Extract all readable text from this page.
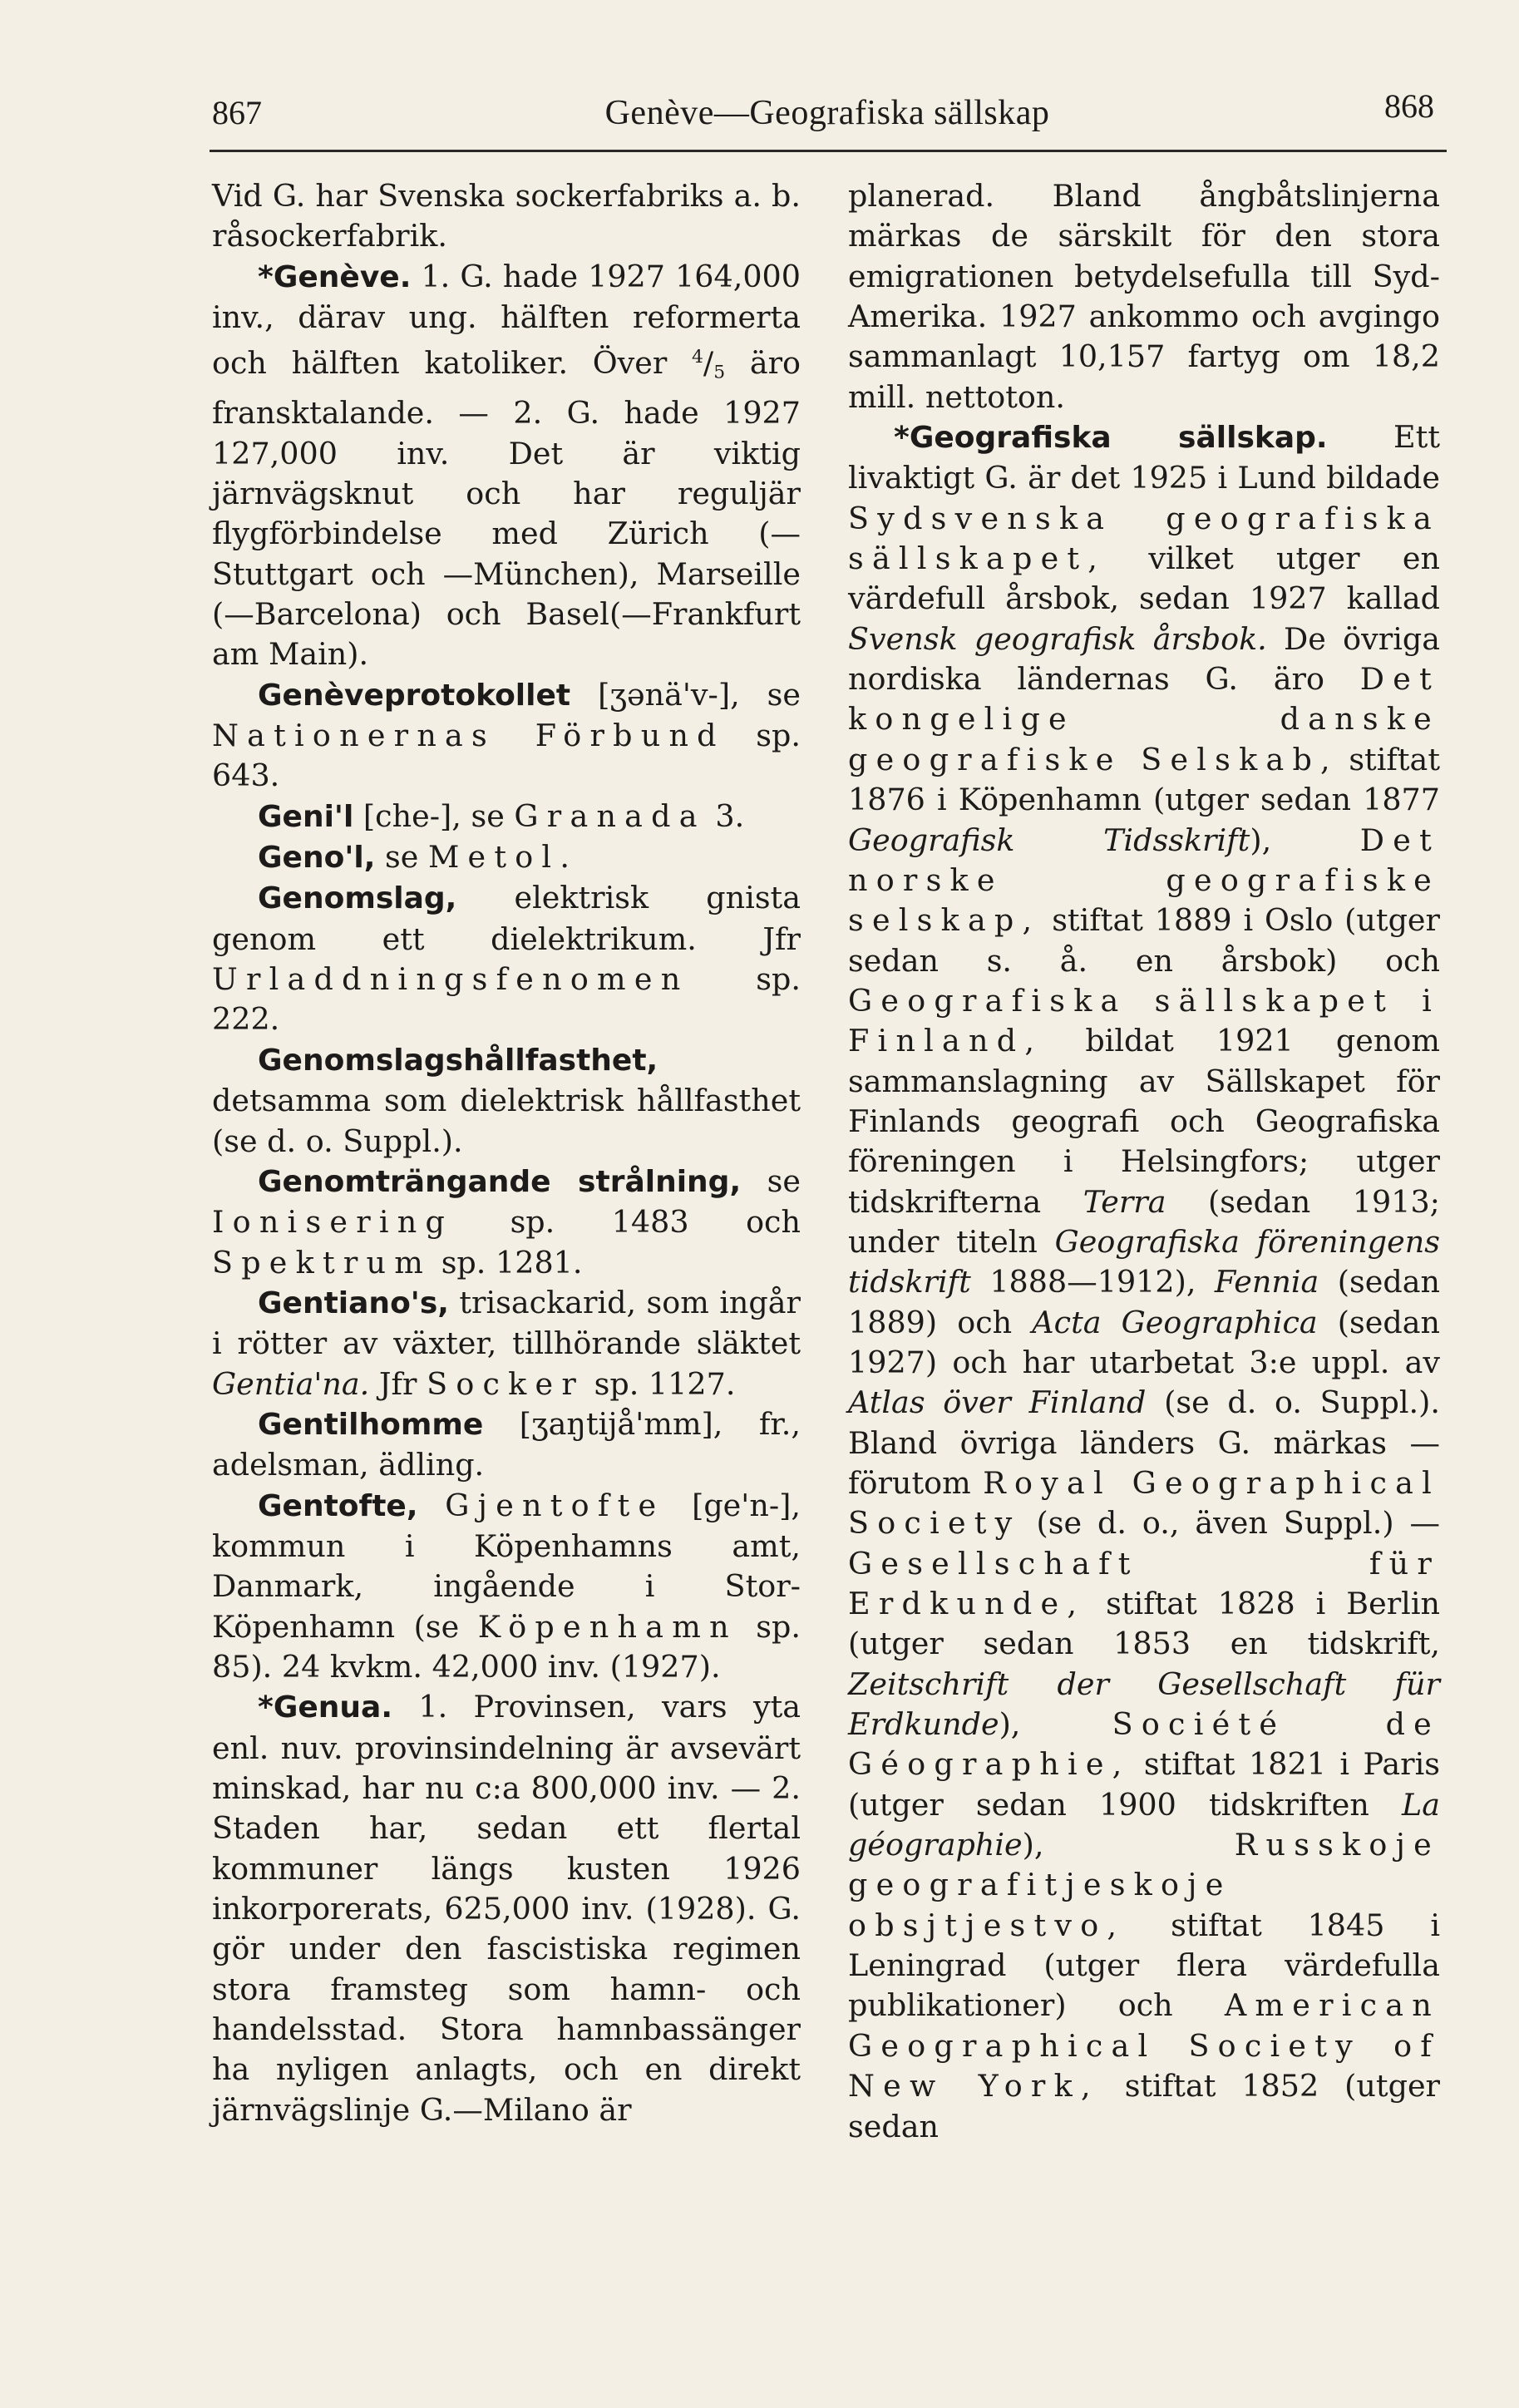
867	Genève—Geografiska sällskap	868

Vid G. har Svenska sockerfabriks a. b. råsockerfabrik.

*Genève. 1. G. hade 1927 164,000 inv., därav ung. hälften reformerta och hälften katoliker. Över $^4/_5$ äro fransktalande. — 2. G. hade 1927 127,000 inv. Det är viktig järnvägsknut och har reguljär flygförbindelse med Zürich (—Stuttgart och —München), Marseille (—Barcelona) och Basel(—Frankfurt am Main).

Genèveprotokollet [ʒənä'v-], se Nationernas Förbund sp. 643.

Geni'l [che-], se Granada 3.

Geno'l, se Metol.

Genomslag, elektrisk gnista genom ett dielektrikum. Jfr Urladdningsfenomen sp. 222.

Genomslagshållfasthet, detsamma som dielektrisk hållfasthet (se d. o. Suppl.).

Genomträngande strålning, se Ionisering sp. 1483 och Spektrum sp. 1281.

Gentiano's, trisackarid, som ingår i rötter av växter, tillhörande släktet Gentia'na. Jfr Socker sp. 1127.

Gentilhomme [ʒaŋtijå'mm], fr., adelsman, ädling.

Gentofte, Gjentofte [ge'n-], kommun i Köpenhamns amt, Danmark, ingående i Stor-Köpenhamn (se Köpenhamn sp. 85). 24 kvkm. 42,000 inv. (1927).

*Genua. 1. Provinsen, vars yta enl. nuv. provinsindelning är avsevärt minskad, har nu c:a 800,000 inv. — 2. Staden har, sedan ett flertal kommuner längs kusten 1926 inkorporerats, 625,000 inv. (1928). G. gör under den fascistiska regimen stora framsteg som hamn- och handelsstad. Stora hamnbassänger ha nyligen anlagts, och en direkt järnvägslinje G.—Milano är

planerad. Bland ångbåtslinjerna märkas de särskilt för den stora emigrationen betydelsefulla till Syd-Amerika. 1927 ankommo och avgingo sammanlagt 10,157 fartyg om 18,2 mill. nettoton.

*Geografiska sällskap. Ett livaktigt G. är det 1925 i Lund bildade Sydsvenska geografiska sällskapet, vilket utger en värdefull årsbok, sedan 1927 kallad Svensk geografisk årsbok. De övriga nordiska ländernas G. äro Det kongelige danske geografiske Selskab, stiftat 1876 i Köpenhamn (utger sedan 1877 Geografisk Tidsskrift),	Det norske geografiske selskap, stiftat 1889 i Oslo (utger sedan s. å. en årsbok) och Geografiska sällskapet i Finland, bildat 1921 genom sammanslagning av Sällskapet för Finlands geografi och Geografiska föreningen i Helsingfors; utger tidskrifterna Terra (sedan 1913; under titeln Geografiska föreningens tidskrift 1888—1912), Fennia (sedan 1889) och Acta Geographica (sedan 1927) och har utarbetat 3:e uppl. av Atlas över Finland (se d. o. Suppl.). Bland övriga länders G. märkas — förutom Royal Geographical Society (se d. o., även Suppl.) — Gesellschaft für Erdkunde, stiftat 1828 i Berlin (utger sedan 1853 en tidskrift, Zeitschrift der Gesellschaft für Erdkunde),	Société de Géographie, stiftat 1821 i Paris (utger sedan 1900 tidskriften La géographie),	Russkoje geografitjeskoje obsjtjestvo, stiftat 1845 i Leningrad (utger flera värdefulla publikationer) och American Geographical Society of New York, stiftat 1852 (utger sedan
